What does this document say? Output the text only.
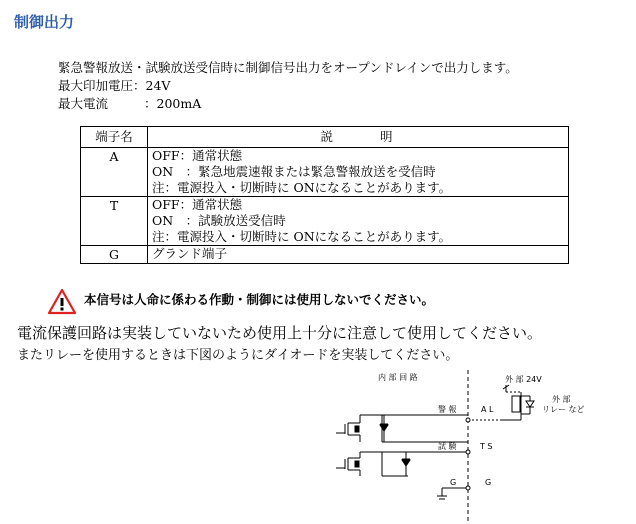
制御出力
緊急警報放送・試験放送受信時に制御信号出力をオープンドレインで出力します。
最大印加電圧：24V
最大電流	：200mA
端子名	説 明
A	OFF：通常状態
ON　：緊急地震速報または緊急警報放送を受信時
注：電源投入・切断時に ONになることがあります。

T	OFF：通常状態
ON　：試験放送受信時
注：電源投入・切断時に ONになることがあります。

G	グランド端子
本信号は人命に係わる作動・制御には使用しないでください。
電流保護回路は実装していないため使用上十分に注意して使用してください。
またリレーを使用するときは下図のようにダイオードを実装してください。
内 部 回 路	外 部 24V
外 部
リレー など
警 報	A L
試 験	T S
G	G
